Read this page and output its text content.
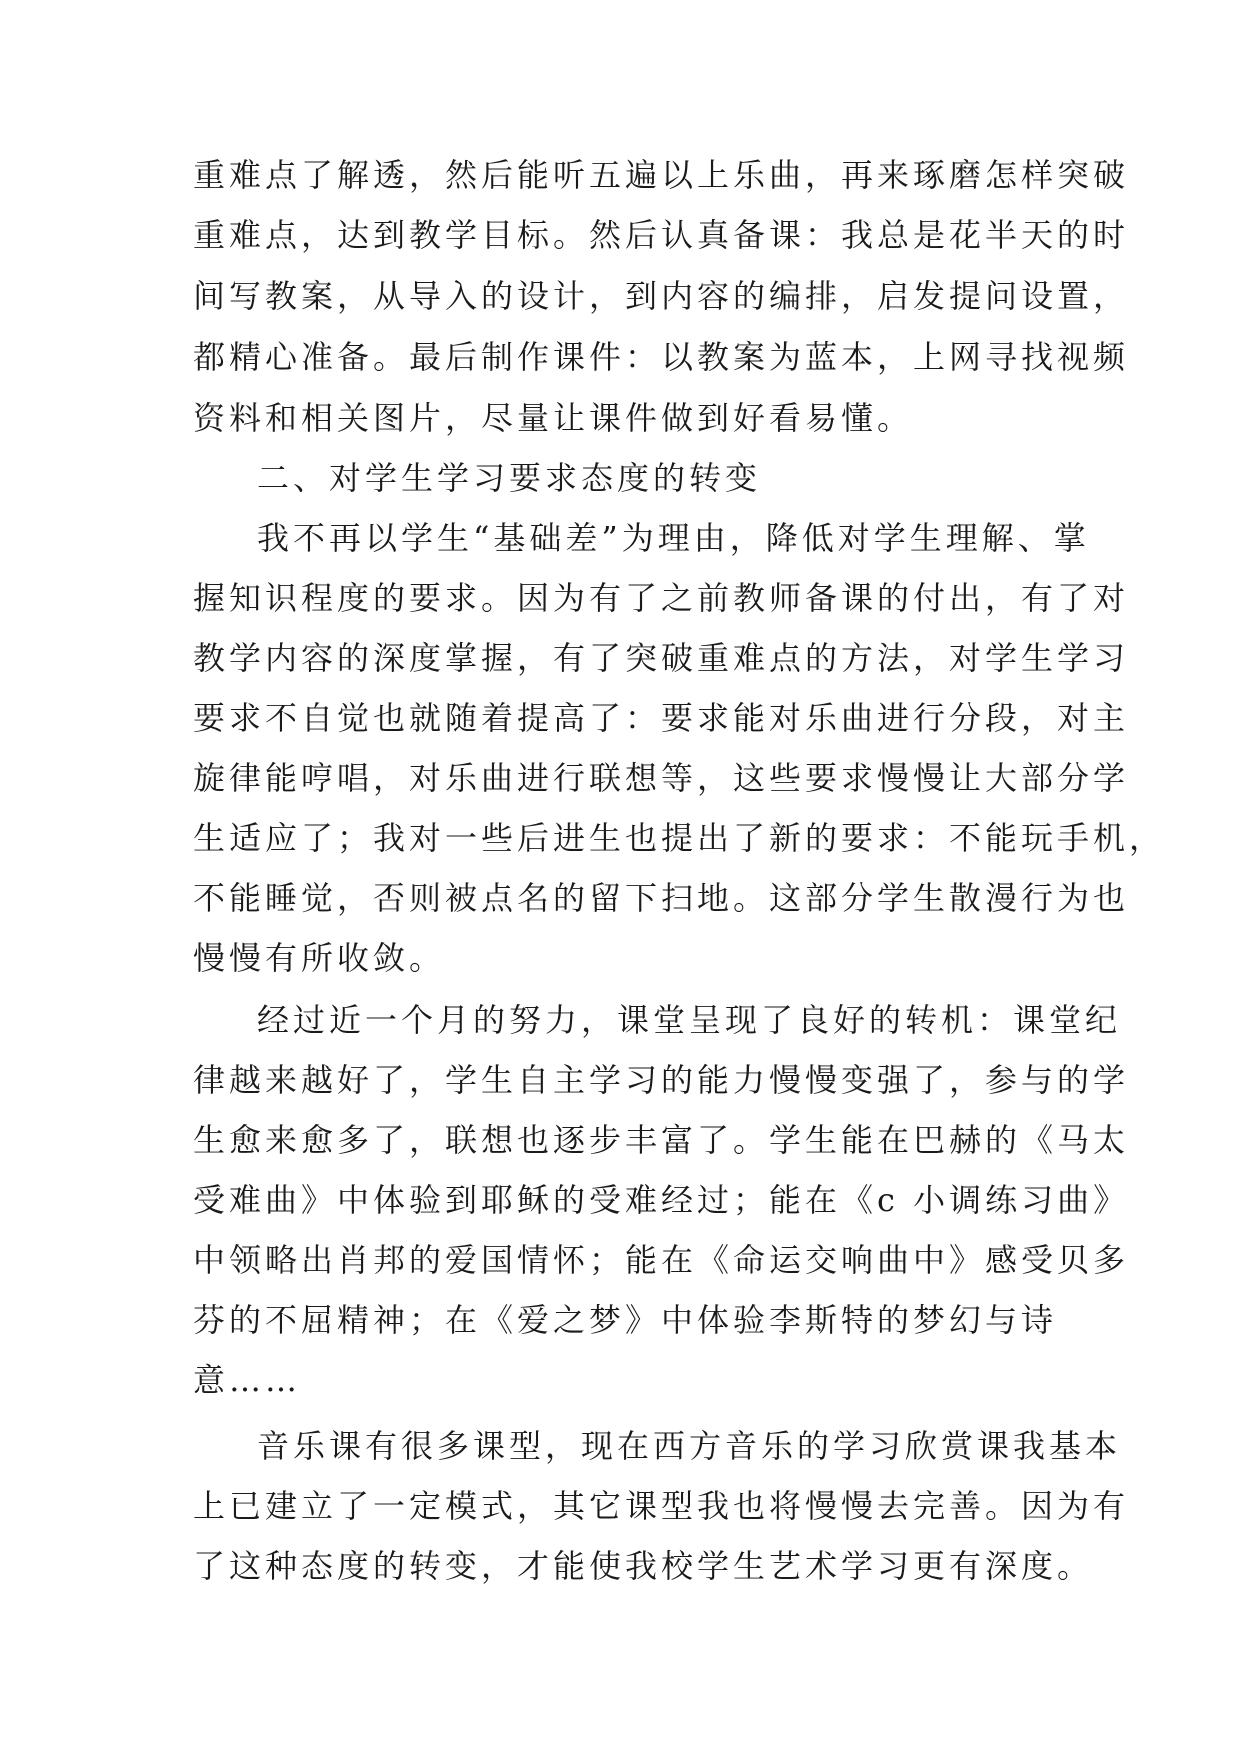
重难点了解透，然后能听五遍以上乐曲，再来琢磨怎样突破
重难点，达到教学目标。然后认真备课：我总是花半天的时
间写教案，从导入的设计，到内容的编排，启发提问设置，
都精心准备。最后制作课件：以教案为蓝本，上网寻找视频
资料和相关图片，尽量让课件做到好看易懂。
二、对学生学习要求态度的转变
我不再以学生“基础差”为理由，降低对学生理解、掌
握知识程度的要求。因为有了之前教师备课的付出，有了对
教学内容的深度掌握，有了突破重难点的方法，对学生学习
要求不自觉也就随着提高了：要求能对乐曲进行分段，对主
旋律能哼唱，对乐曲进行联想等，这些要求慢慢让大部分学
生适应了；我对一些后进生也提出了新的要求：不能玩手机，
不能睡觉，否则被点名的留下扫地。这部分学生散漫行为也
慢慢有所收敛。
经过近一个月的努力，课堂呈现了良好的转机：课堂纪
律越来越好了，学生自主学习的能力慢慢变强了，参与的学
生愈来愈多了，联想也逐步丰富了。学生能在巴赫的《马太
受难曲》中体验到耶稣的受难经过；能在《c 小调练习曲》
中领略出肖邦的爱国情怀；能在《命运交响曲中》感受贝多
芬的不屈精神；在《爱之梦》中体验李斯特的梦幻与诗
意……
音乐课有很多课型，现在西方音乐的学习欣赏课我基本
上已建立了一定模式，其它课型我也将慢慢去完善。因为有
了这种态度的转变，才能使我校学生艺术学习更有深度。
